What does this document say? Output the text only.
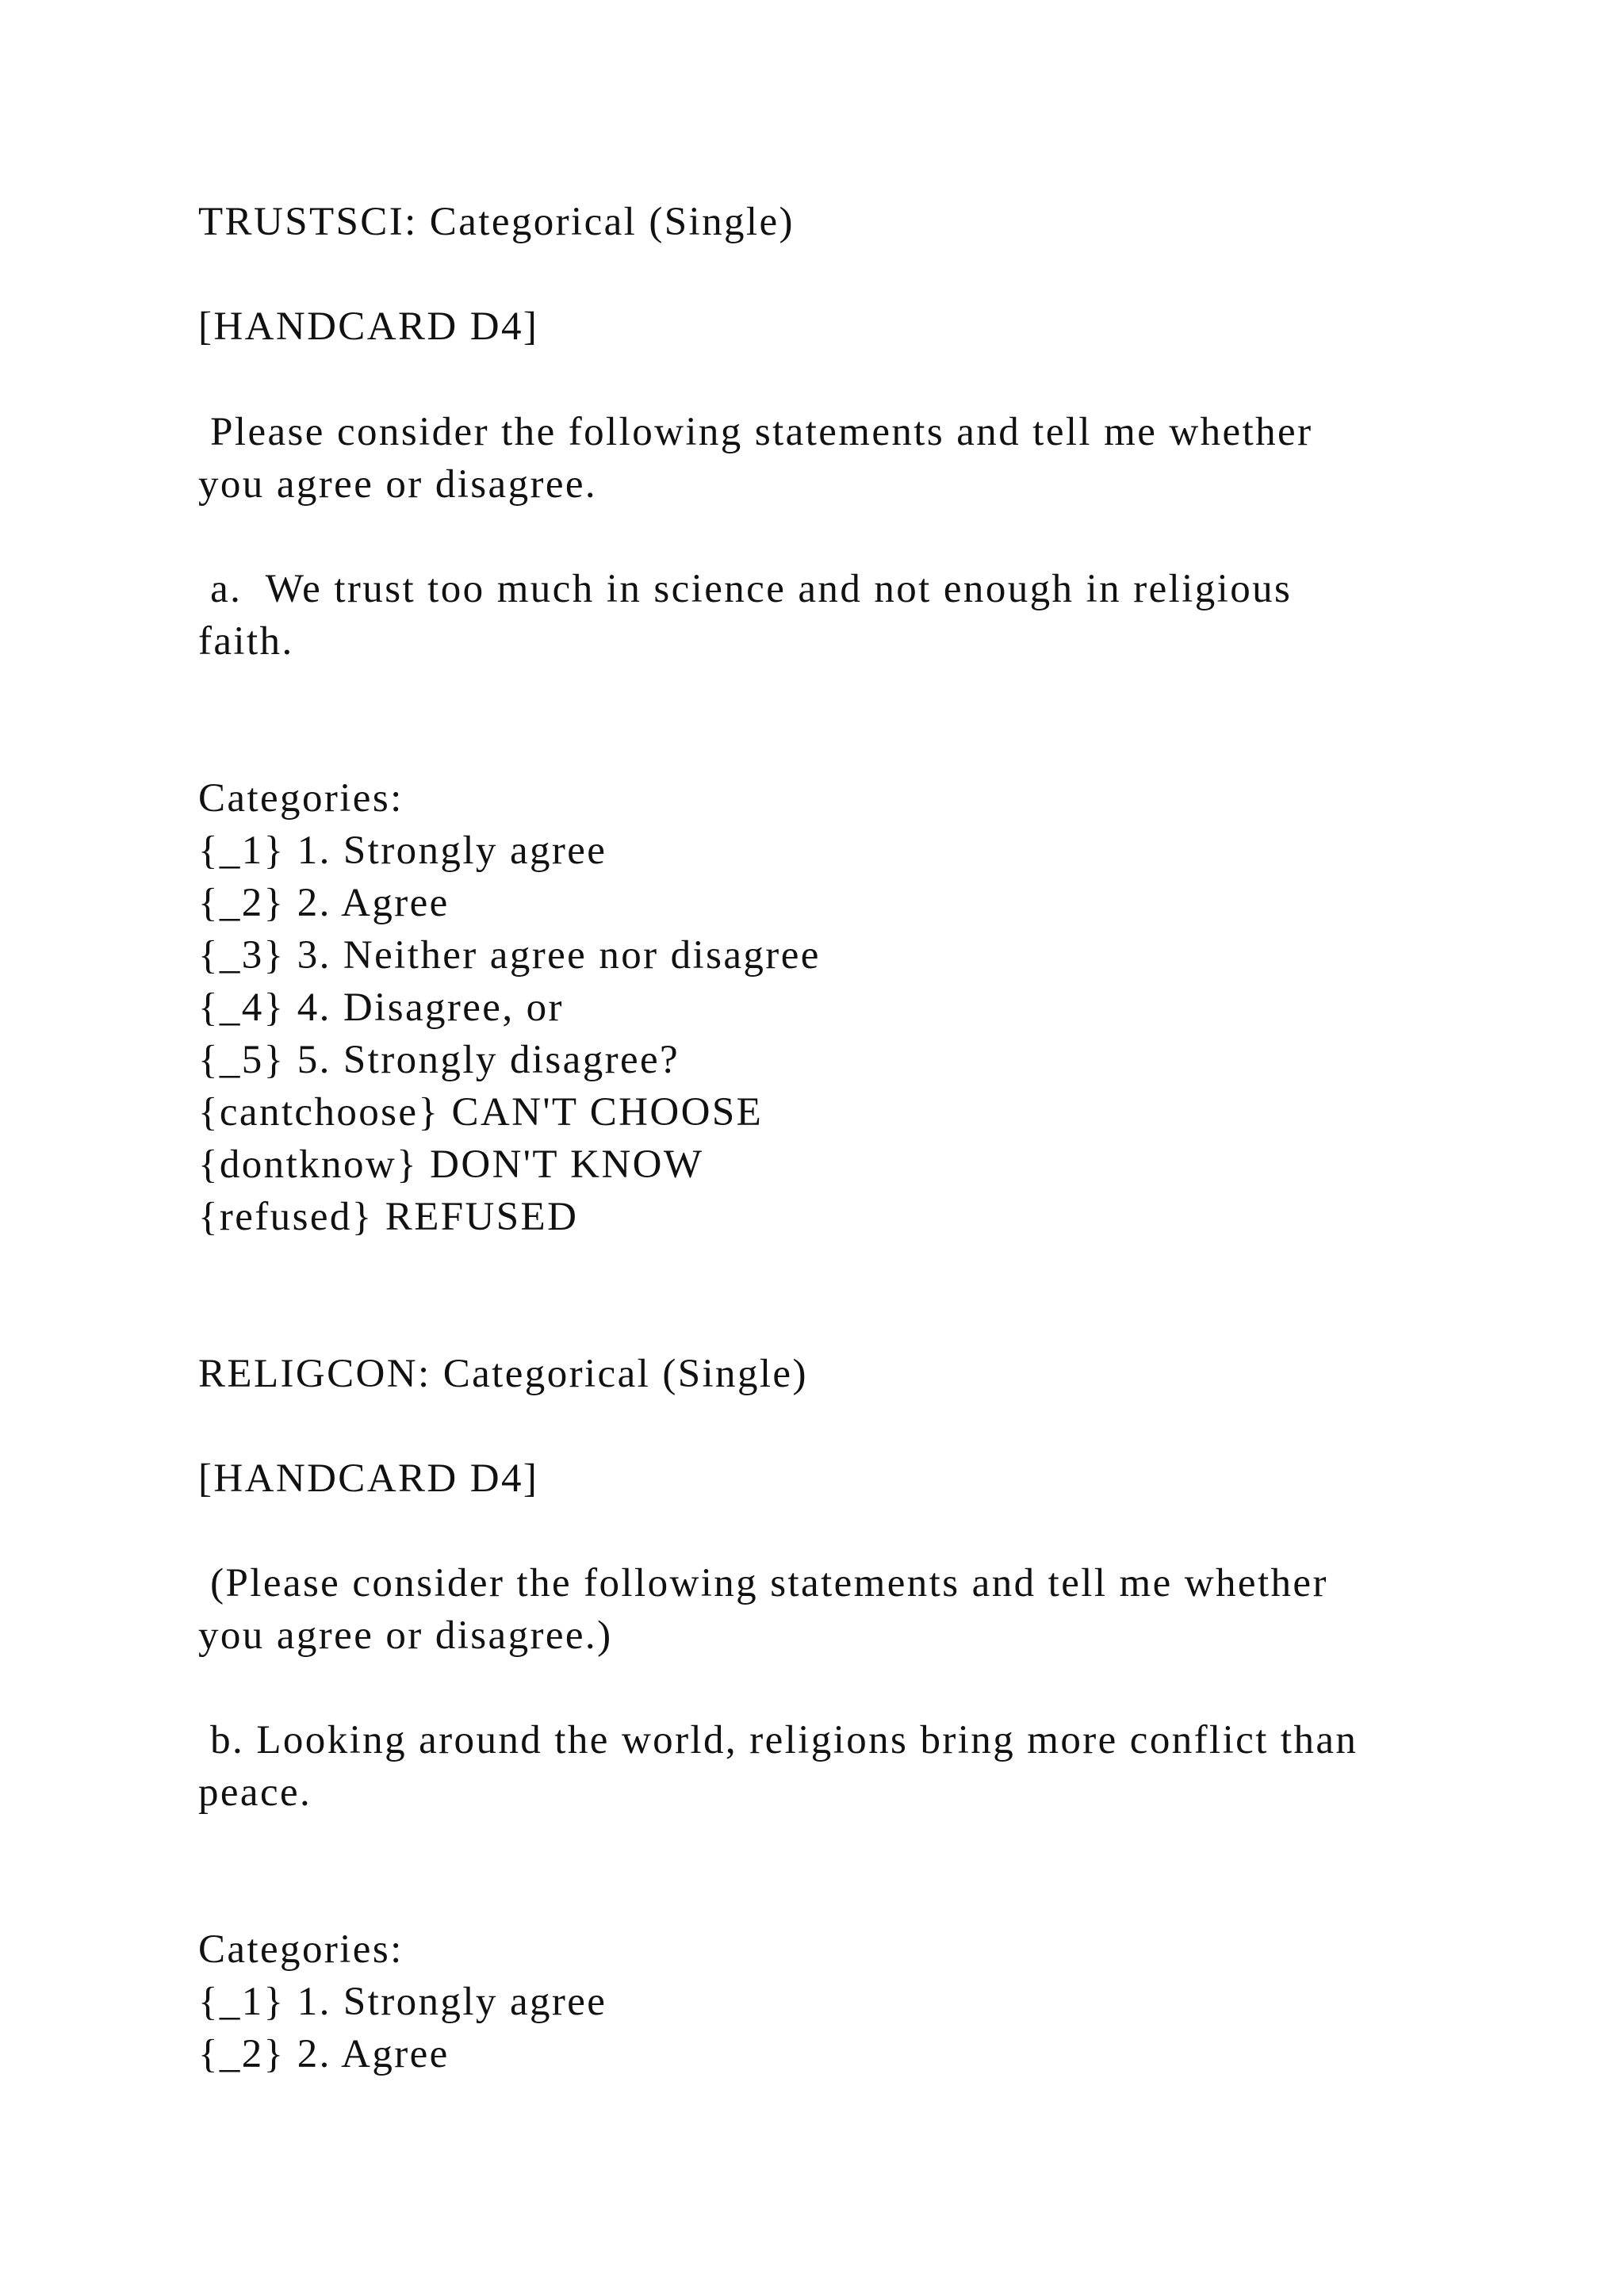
TRUSTSCI: Categorical (Single)

[HANDCARD D4]

Please consider the following statements and tell me whether

you agree or disagree.

a.  We trust too much in science and not enough in religious

faith.

Categories:

{_1} 1. Strongly agree

{_2} 2. Agree

{_3} 3. Neither agree nor disagree

{_4} 4. Disagree, or

{_5} 5. Strongly disagree?

{cantchoose} CAN'T CHOOSE

{dontknow} DON'T KNOW

{refused} REFUSED

RELIGCON: Categorical (Single)

[HANDCARD D4]

(Please consider the following statements and tell me whether

you agree or disagree.)

b. Looking around the world, religions bring more conflict than

peace.

Categories:

{_1} 1. Strongly agree

{_2} 2. Agree
